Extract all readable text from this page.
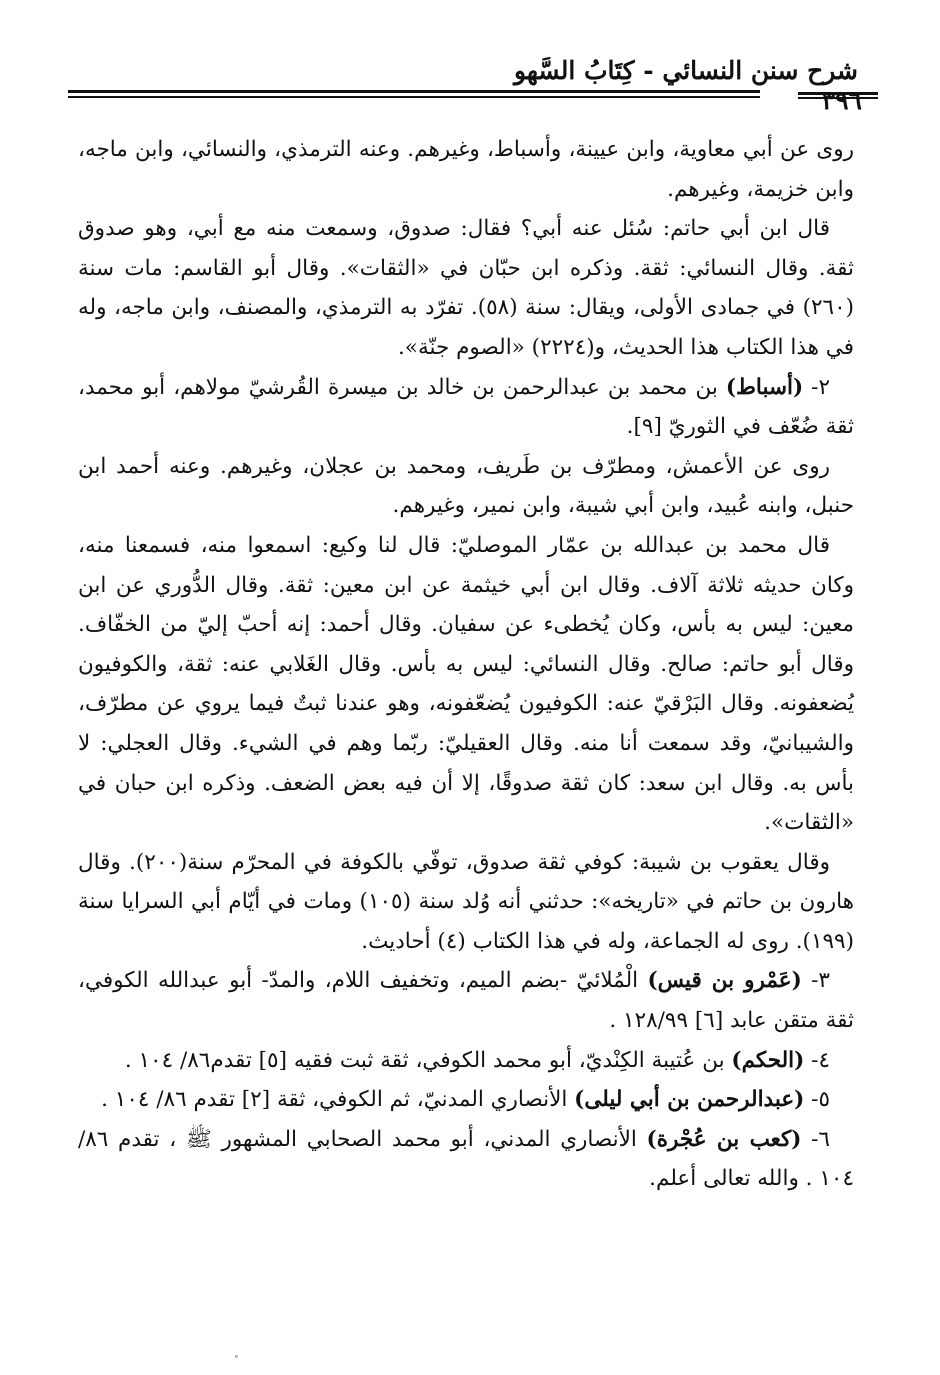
شرح سنن النسائي - كِتَابُ السَّهو
٣٩٦

روى عن أبي معاوية، وابن عيينة، وأسباط، وغيرهم. وعنه الترمذي، والنسائي، وابن ماجه، وابن خزيمة، وغيرهم.

قال ابن أبي حاتم: سُئل عنه أبي؟ فقال: صدوق، وسمعت منه مع أبي، وهو صدوق ثقة. وقال النسائي: ثقة. وذكره ابن حبّان في «الثقات». وقال أبو القاسم: مات سنة (٢٦٠) في جمادى الأولى، ويقال: سنة (٥٨). تفرّد به الترمذي، والمصنف، وابن ماجه، وله في هذا الكتاب هذا الحديث، و(٢٢٢٤) «الصوم جنّة».

٢- (أسباط) بن محمد بن عبدالرحمن بن خالد بن ميسرة القُرشيّ مولاهم، أبو محمد، ثقة ضُعّف في الثوريّ [٩].

روى عن الأعمش، ومطرّف بن طَريف، ومحمد بن عجلان، وغيرهم. وعنه أحمد ابن حنبل، وابنه عُبيد، وابن أبي شيبة، وابن نمير، وغيرهم.

قال محمد بن عبدالله بن عمّار الموصليّ: قال لنا وكيع: اسمعوا منه، فسمعنا منه، وكان حديثه ثلاثة آلاف. وقال ابن أبي خيثمة عن ابن معين: ثقة. وقال الدُّوري عن ابن معين: ليس به بأس، وكان يُخطىء عن سفيان. وقال أحمد: إنه أحبّ إليّ من الخفّاف. وقال أبو حاتم: صالح. وقال النسائي: ليس به بأس. وقال الغَلابي عنه: ثقة، والكوفيون يُضعفونه. وقال البَرْقيّ عنه: الكوفيون يُضعّفونه، وهو عندنا ثبتٌ فيما يروي عن مطرّف، والشيبانيّ، وقد سمعت أنا منه. وقال العقيليّ: ربّما وهم في الشيء. وقال العجلي: لا بأس به. وقال ابن سعد: كان ثقة صدوقًا، إلا أن فيه بعض الضعف. وذكره ابن حبان في «الثقات».

وقال يعقوب بن شيبة: كوفي ثقة صدوق، توفّي بالكوفة في المحرّم سنة(٢٠٠). وقال هارون بن حاتم في «تاريخه»: حدثني أنه وُلد سنة (١٠٥) ومات في أيّام أبي السرايا سنة (١٩٩). روى له الجماعة، وله في هذا الكتاب (٤) أحاديث.

٣- (عَمْرو بن قيس) الْمُلائيّ -بضم الميم، وتخفيف اللام، والمدّ- أبو عبدالله الكوفي، ثقة متقن عابد [٦] ١٢٨/٩٩ .

٤- (الحكم) بن عُتيبة الكِنْديّ، أبو محمد الكوفي، ثقة ثبت فقيه [٥] تقدم٨٦/ ١٠٤ .

٥- (عبدالرحمن بن أبي ليلى) الأنصاري المدنيّ، ثم الكوفي، ثقة [٢] تقدم ٨٦/ ١٠٤ .

٦- (كعب بن عُجْرة) الأنصاري المدني، أبو محمد الصحابي المشهور ﷺ ، تقدم ٨٦/ ١٠٤ . والله تعالى أعلم.
